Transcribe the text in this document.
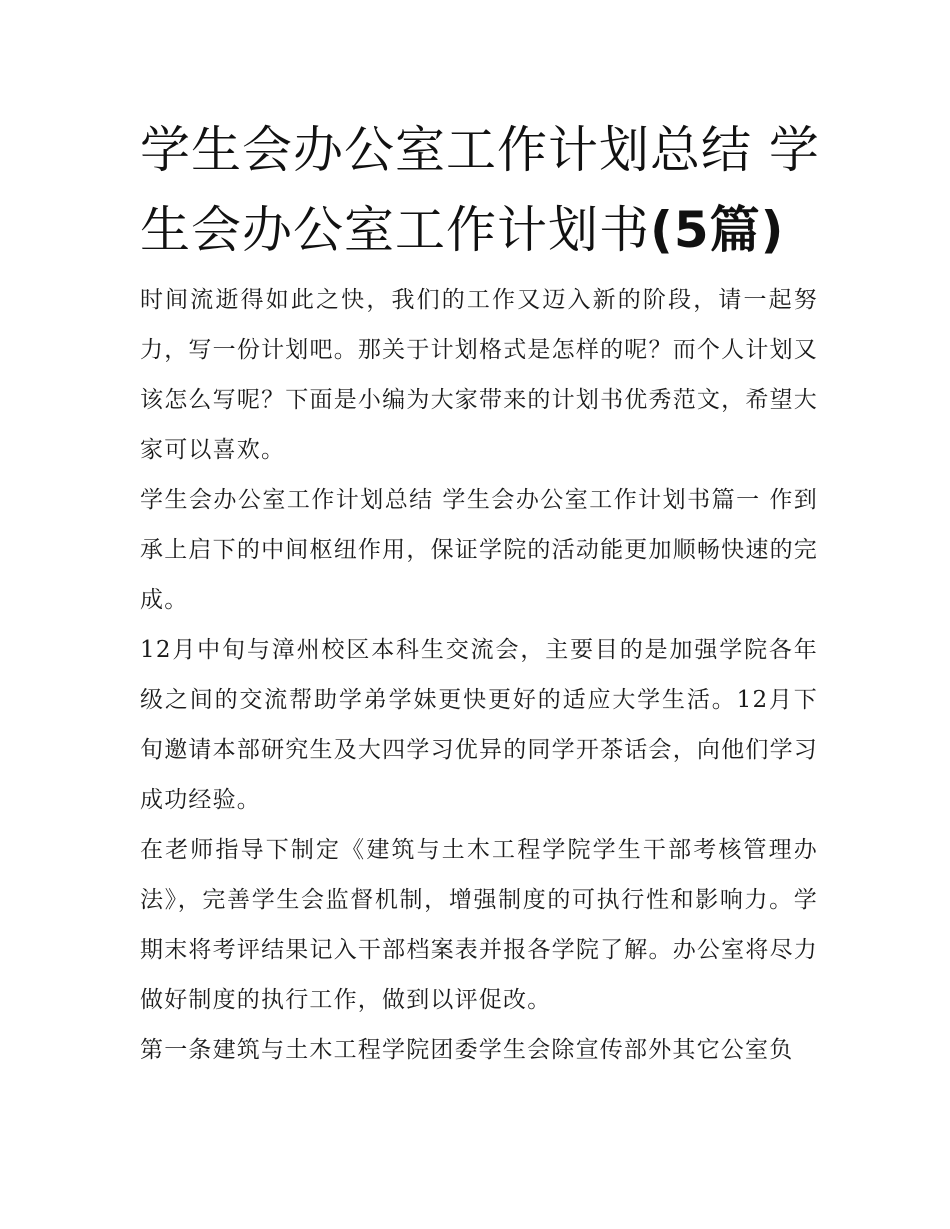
学生会办公室工作计划总结 学生会办公室工作计划书(5篇)

时间流逝得如此之快，我们的工作又迈入新的阶段，请一起努力，写一份计划吧。那关于计划格式是怎样的呢？而个人计划又该怎么写呢？下面是小编为大家带来的计划书优秀范文，希望大家可以喜欢。

学生会办公室工作计划总结 学生会办公室工作计划书篇一 作到承上启下的中间枢纽作用，保证学院的活动能更加顺畅快速的完成。

12月中旬与漳州校区本科生交流会，主要目的是加强学院各年级之间的交流帮助学弟学妹更快更好的适应大学生活。12月下旬邀请本部研究生及大四学习优异的同学开茶话会，向他们学习成功经验。

在老师指导下制定《建筑与土木工程学院学生干部考核管理办法》，完善学生会监督机制，增强制度的可执行性和影响力。学期末将考评结果记入干部档案表并报各学院了解。办公室将尽力做好制度的执行工作，做到以评促改。

第一条建筑与土木工程学院团委学生会除宣传部外其它公室负
